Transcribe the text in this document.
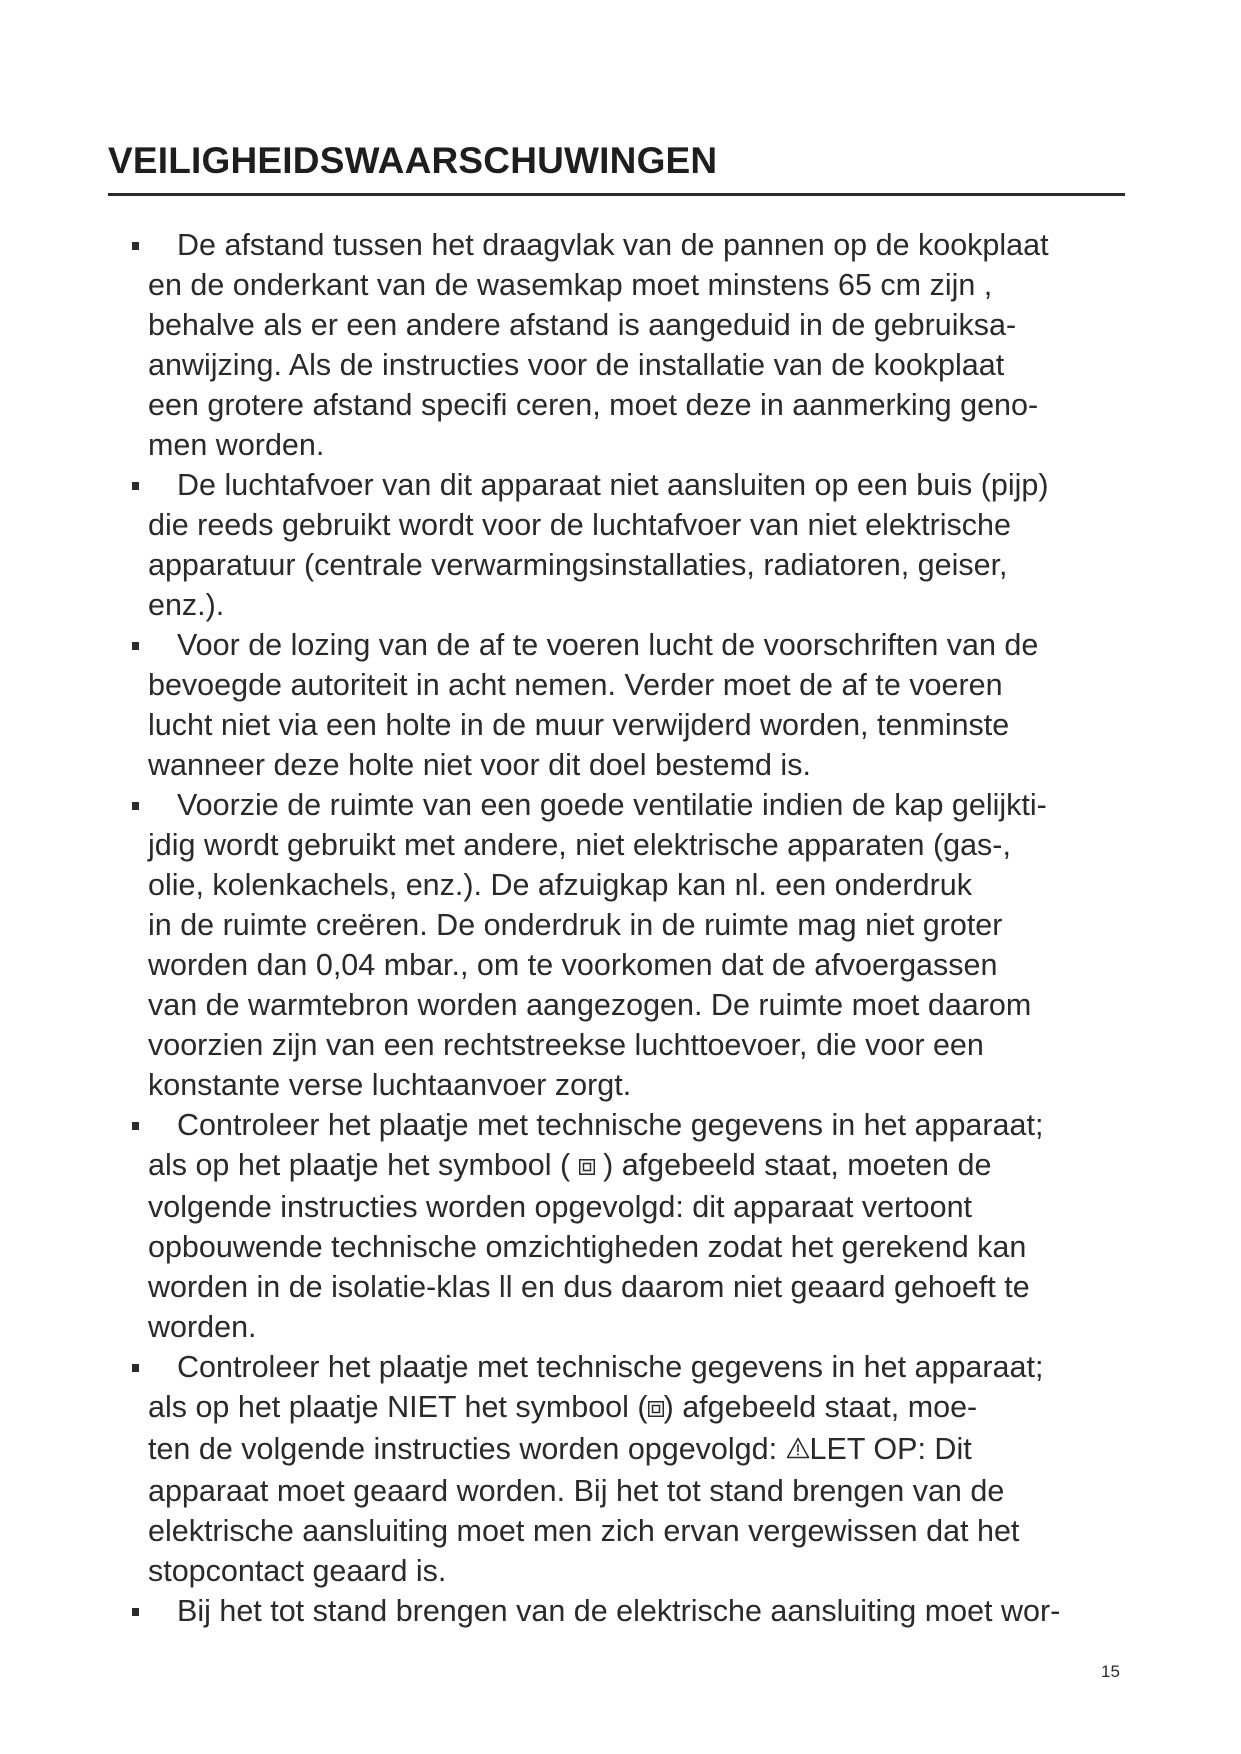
VEILIGHEIDSWAARSCHUWINGEN
De afstand tussen het draagvlak van de pannen op de kookplaat
en de onderkant van de wasemkap moet minstens 65 cm zijn ,
behalve als er een andere afstand is aangeduid in de gebruiksa-
anwijzing. Als de instructies voor de installatie van de kookplaat
een grotere afstand specifi ceren, moet deze in aanmerking geno-
men worden.
De luchtafvoer van dit apparaat niet aansluiten op een buis (pijp)
die reeds gebruikt wordt voor de luchtafvoer van niet elektrische
apparatuur (centrale verwarmingsinstallaties, radiatoren, geiser,
enz.).
Voor de lozing van de af te voeren lucht de voorschriften van de
bevoegde autoriteit in acht nemen. Verder moet de af te voeren
lucht niet via een holte in de muur verwijderd worden, tenminste
wanneer deze holte niet voor dit doel bestemd is.
Voorzie de ruimte van een goede ventilatie indien de kap gelijkti-
jdig wordt gebruikt met andere, niet elektrische apparaten (gas-,
olie, kolenkachels, enz.). De afzuigkap kan nl. een onderdruk
in de ruimte creëren. De onderdruk in de ruimte mag niet groter
worden dan 0,04 mbar., om te voorkomen dat de afvoergassen
van de warmtebron worden aangezogen. De ruimte moet daarom
voorzien zijn van een rechtstreekse luchttoevoer, die voor een
konstante verse luchtaanvoer zorgt.
Controleer het plaatje met technische gegevens in het apparaat;
als op het plaatje het symbool (  ) afgebeeld staat, moeten de
volgende instructies worden opgevolgd: dit apparaat vertoont
opbouwende technische omzichtigheden zodat het gerekend kan
worden in de isolatie-klas ll en dus daarom niet geaard gehoeft te
worden.
Controleer het plaatje met technische gegevens in het apparaat;
als op het plaatje NIET het symbool ( ) afgebeeld staat, moe-
ten de volgende instructies worden opgevolgd: LET OP: Dit
apparaat moet geaard worden. Bij het tot stand brengen van de
elektrische aansluiting moet men zich ervan vergewissen dat het
stopcontact geaard is.
Bij het tot stand brengen van de elektrische aansluiting moet wor-
15
